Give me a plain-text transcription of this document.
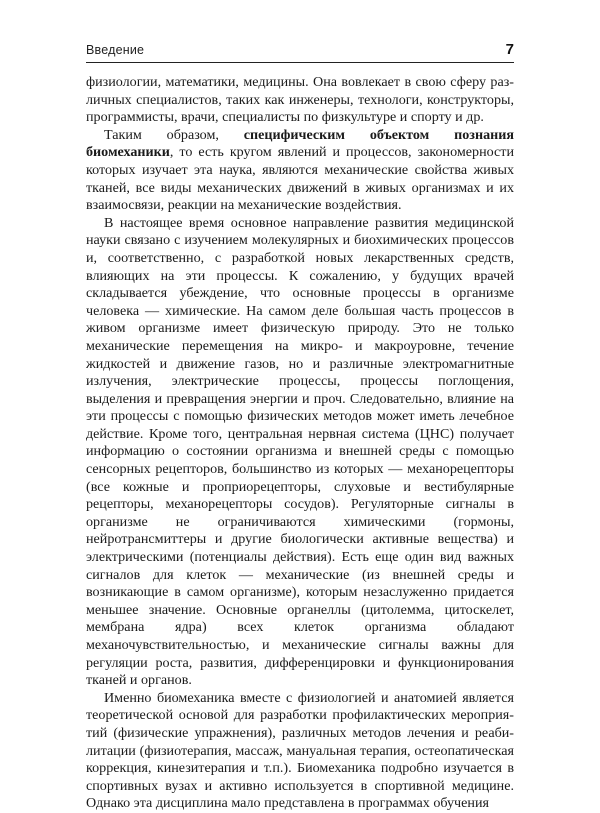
Введение	7

физиологии, математики, медицины. Она вовлекает в свою сферу различных специалистов, таких как инженеры, технологи, конструкторы, программисты, врачи, специалисты по физкультуре и спорту и др.

Таким образом, специфическим объектом познания биомеханики, то есть кругом явлений и процессов, закономерности которых изучает эта наука, являются механические свойства живых тканей, все виды механических движений в живых организмах и их взаимосвязи, реакции на механические воздействия.

В настоящее время основное направление развития медицинской науки связано с изучением молекулярных и биохимических процессов и, соответственно, с разработкой новых лекарственных средств, влияющих на эти процессы. К сожалению, у будущих врачей складывается убеждение, что основные процессы в организме человека — химические. На самом деле большая часть процессов в живом организме имеет физическую природу. Это не только механические перемещения на микро- и макроуровне, течение жидкостей и движение газов, но и различные электромагнитные излучения, электрические процессы, процессы поглощения, выделения и превращения энергии и проч. Следовательно, влияние на эти процессы с помощью физических методов может иметь лечебное действие. Кроме того, центральная нервная система (ЦНС) получает информацию о состоянии организма и внешней среды с помощью сенсорных рецепторов, большинство из которых — механорецепторы (все кожные и проприорецепторы, слуховые и вестибулярные рецепторы, механорецепторы сосудов). Регуляторные сигналы в организме не ограничиваются химическими (гормоны, нейротрансмиттеры и другие биологически активные вещества) и электрическими (потенциалы действия). Есть еще один вид важных сигналов для клеток — механические (из внешней среды и возникающие в самом организме), которым незаслуженно придается меньшее значение. Основные органеллы (цитолемма, цитоскелет, мембрана ядра) всех клеток организма обладают механочувствительностью, и механические сигналы важны для регуляции роста, развития, дифференцировки и функционирования тканей и органов.

Именно биомеханика вместе с физиологией и анатомией является теоретической основой для разработки профилактических мероприятий (физические упражнения), различных методов лечения и реабилитации (физиотерапия, массаж, мануальная терапия, остеопатическая коррекция, кинезитерапия и т.п.). Биомеханика подробно изучается в спортивных вузах и активно используется в спортивной медицине. Однако эта дисциплина мало представлена в программах обучения
